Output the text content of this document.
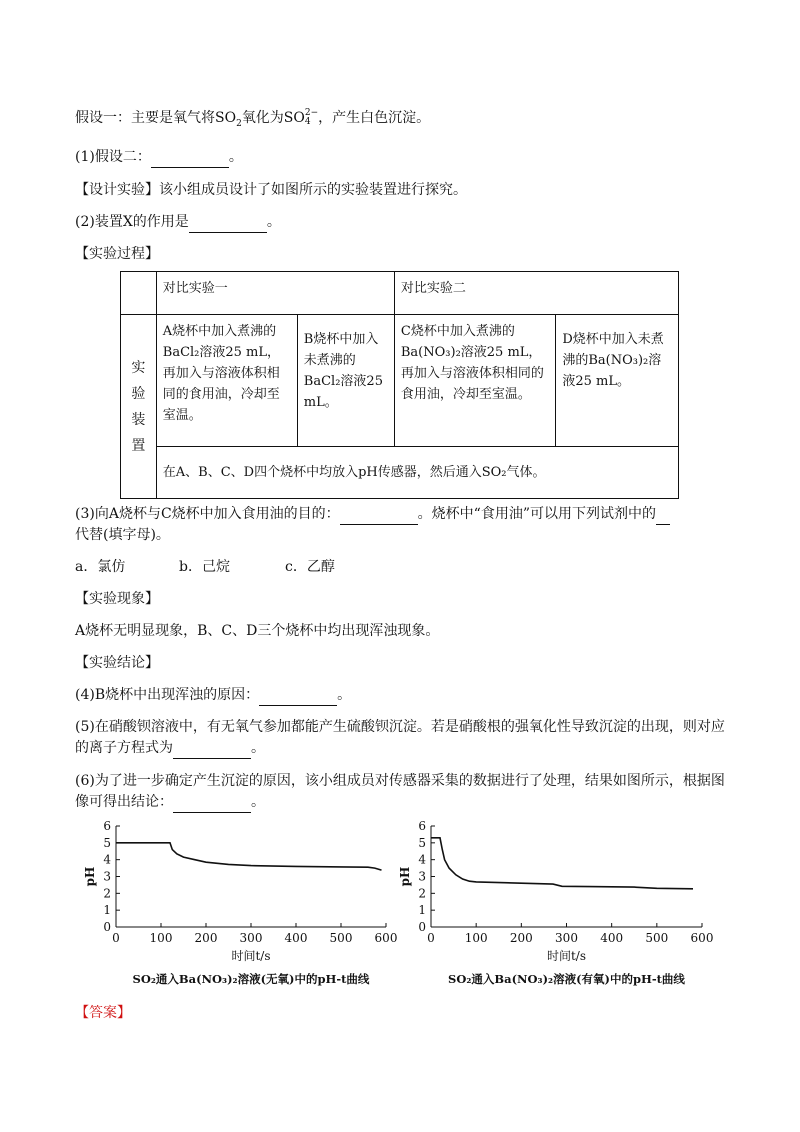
假设一：主要是氧气将$SO_2$氧化为SO 2−
4 ，产生白色沉淀。
(1)假设二：	。
【设计实验】该小组成员设计了如图所示的实验装置进行探究。
(2)装置X的作用是	。
【实验过程】
	对比实验一		对比实验二	

实验装置	A烧杯中加入煮沸的BaCl₂溶液25 mL，再加入与溶液体积相同的食用油，冷却至室温。	B烧杯中加入未煮沸的BaCl₂溶液25 mL。	C烧杯中加入煮沸的Ba(NO₃)₂溶液25 mL，再加入与溶液体积相同的食用油，冷却至室温。	D烧杯中加入未煮沸的Ba(NO₃)₂溶液25 mL。
	在A、B、C、D四个烧杯中均放入pH传感器，然后通入SO₂气体。			
(3)向A烧杯与C烧杯中加入食用油的目的：	。烧杯中“食用油”可以用下列试剂中的
代替(填字母)。
a．氯仿	b．己烷	c．乙醇
【实验现象】
A烧杯无明显现象，B、C、D三个烧杯中均出现浑浊现象。
【实验结论】
(4)B烧杯中出现浑浊的原因：	。
(5)在硝酸钡溶液中，有无氧气参加都能产生硫酸钡沉淀。若是硝酸根的强氧化性导致沉淀的出现，则对应
的离子方程式为	。
(6)为了进一步确定产生沉淀的原因，该小组成员对传感器采集的数据进行了处理，结果如图所示，根据图
像可得出结论：	。
0 100 200 300 400 500 600
0
1
2
3
4
5
6
pH
时间t/s
SO₂通入Ba(NO₃)₂溶液(无氧)中的pH-t曲线
0 100 200 300 400 500 600
0
1
2
3
4
5
6
pH
时间t/s
SO₂通入Ba(NO₃)₂溶液(有氧)中的pH-t曲线
【答案】
